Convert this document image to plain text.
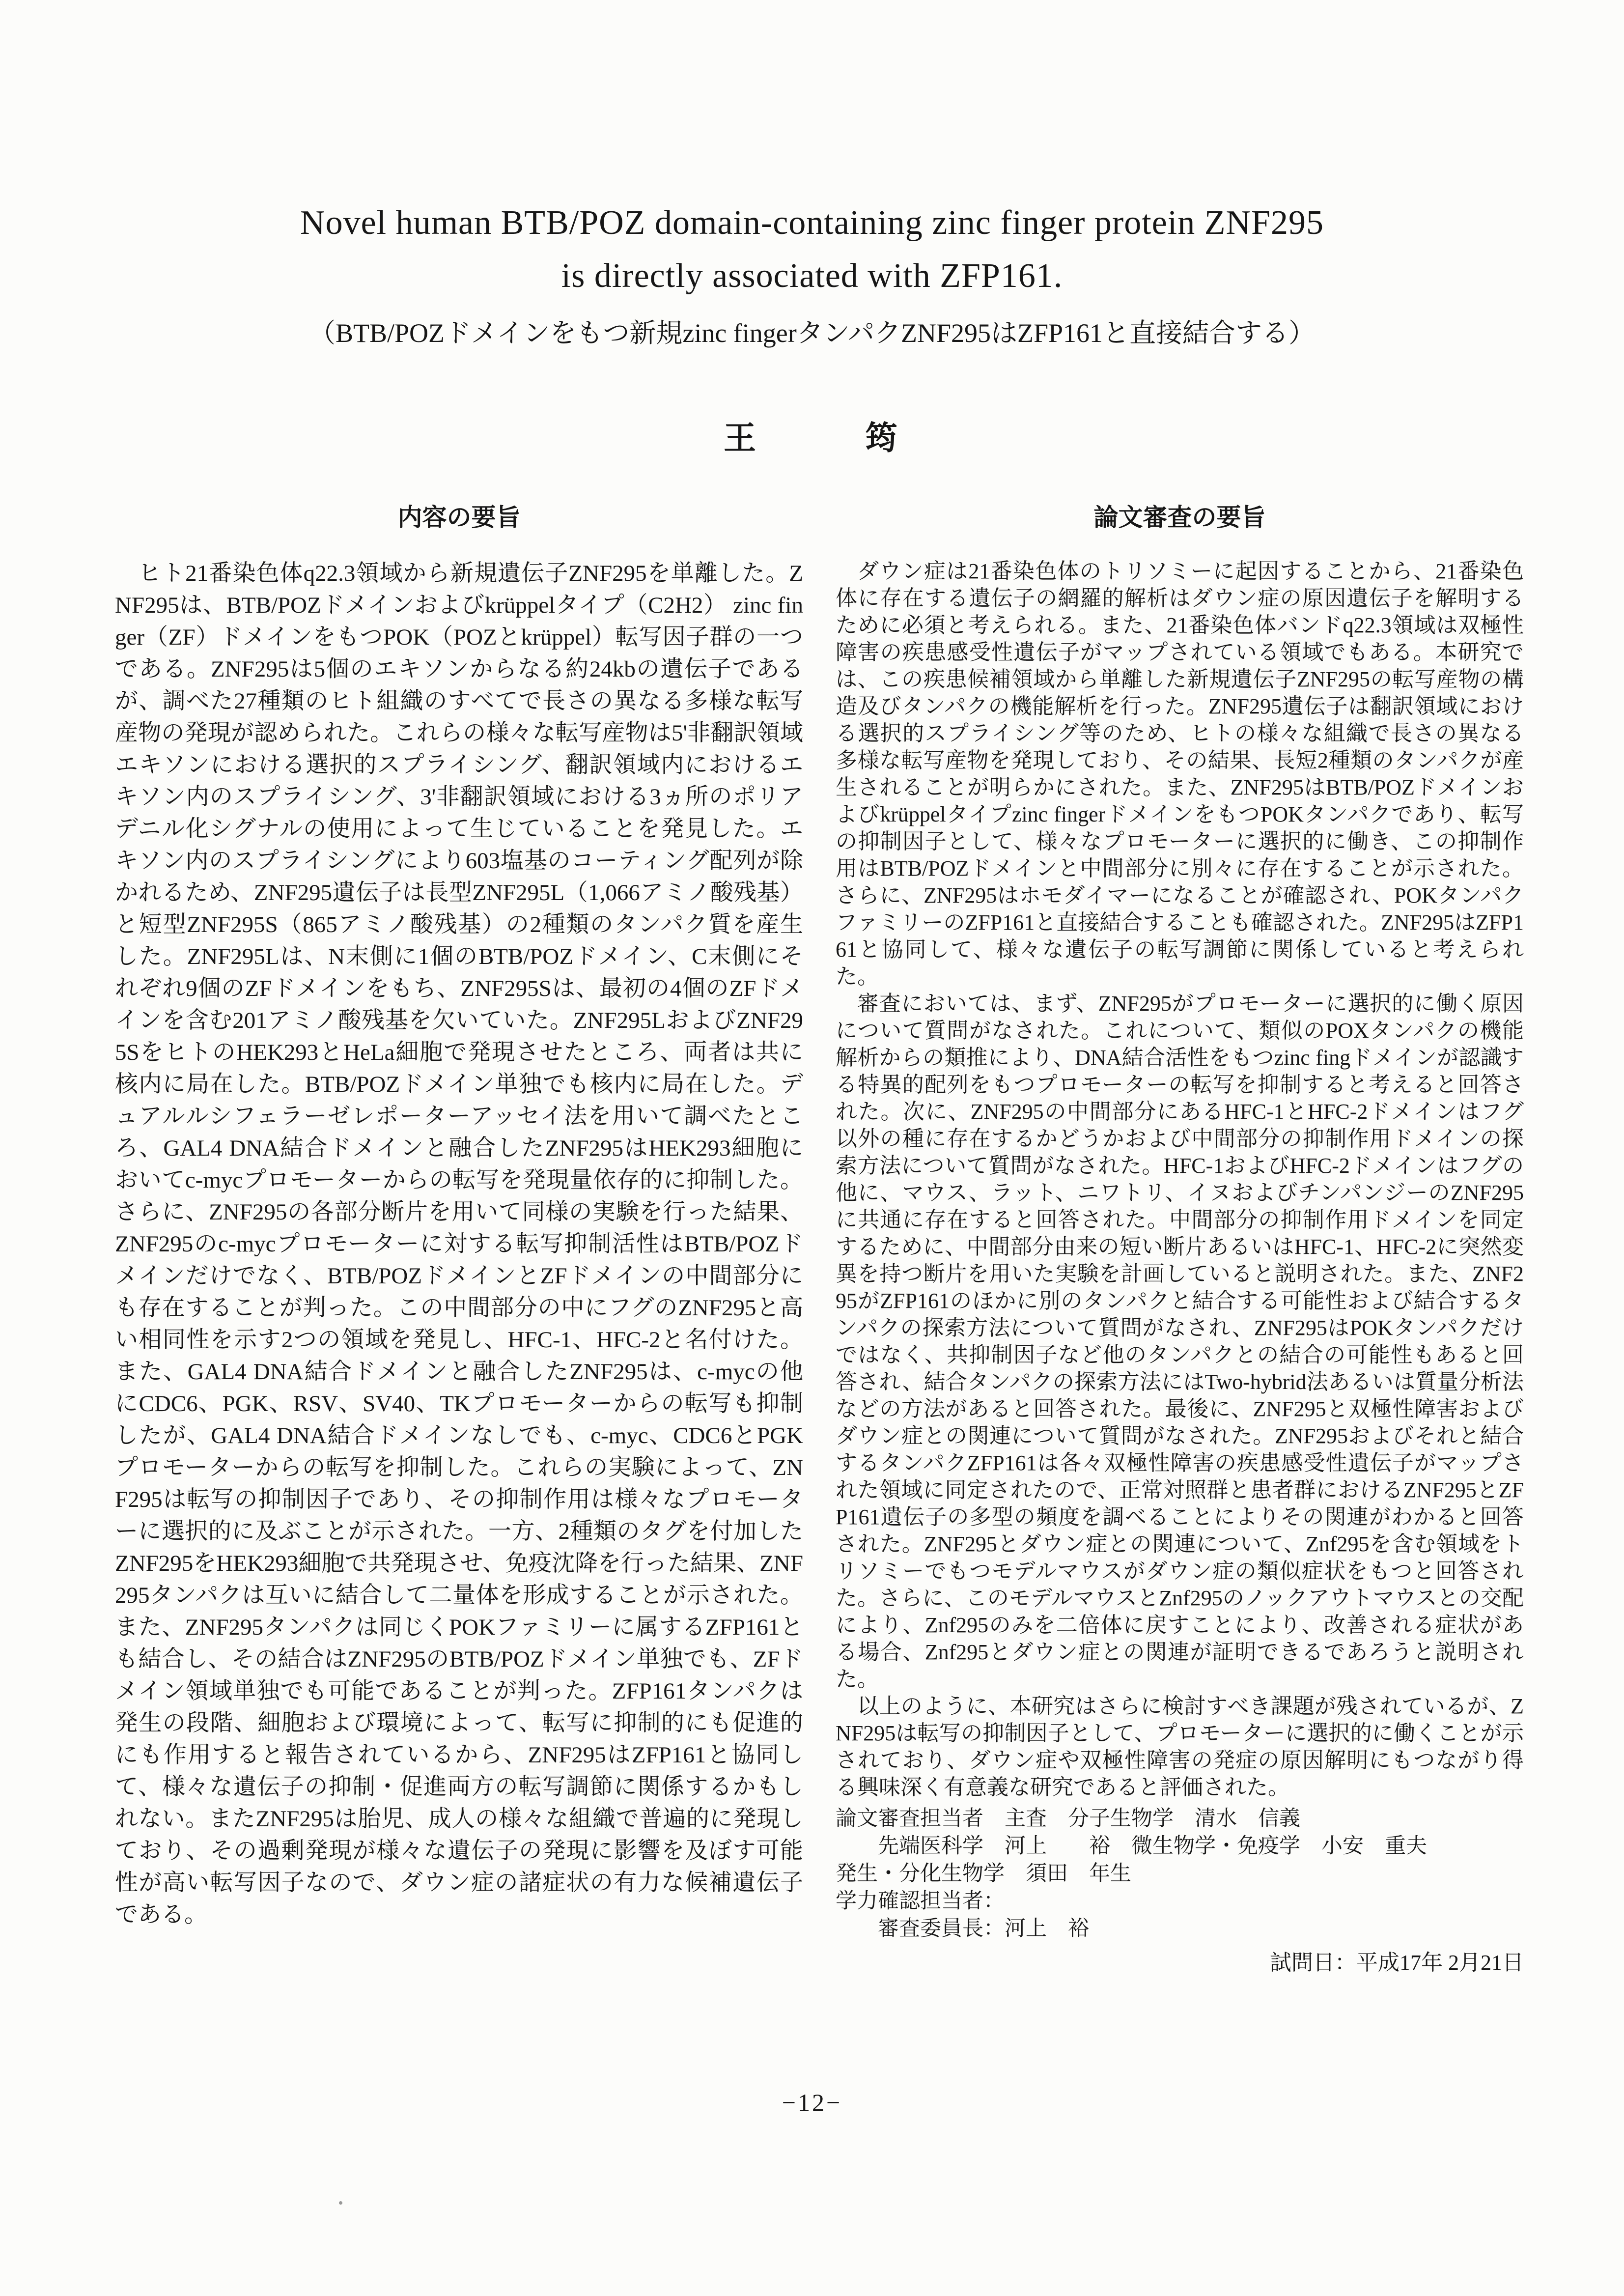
Novel human BTB/POZ domain-containing zinc finger protein ZNF295
is directly associated with ZFP161.
（BTB/POZドメインをもつ新規zinc fingerタンパクZNF295はZFP161と直接結合する）
王　　　筠
内容の要旨

ヒト21番染色体q22.3領域から新規遺伝子ZNF295を単離した。ZNF295は、BTB/POZドメインおよびkrüppelタイプ（C2H2） zinc finger（ZF）ドメインをもつPOK（POZとkrüppel）転写因子群の一つである。ZNF295は5個のエキソンからなる約24kbの遺伝子であるが、調べた27種類のヒト組織のすべてで長さの異なる多様な転写産物の発現が認められた。これらの様々な転写産物は5'非翻訳領域エキソンにおける選択的スプライシング、翻訳領域内におけるエキソン内のスプライシング、3'非翻訳領域における3ヵ所のポリアデニル化シグナルの使用によって生じていることを発見した。エキソン内のスプライシングにより603塩基のコーティング配列が除かれるため、ZNF295遺伝子は長型ZNF295L（1,066アミノ酸残基）と短型ZNF295S（865アミノ酸残基）の2種類のタンパク質を産生した。ZNF295Lは、N末側に1個のBTB/POZドメイン、C末側にそれぞれ9個のZFドメインをもち、ZNF295Sは、最初の4個のZFドメインを含む201アミノ酸残基を欠いていた。ZNF295LおよびZNF295SをヒトのHEK293とHeLa細胞で発現させたところ、両者は共に核内に局在した。BTB/POZドメイン単独でも核内に局在した。デュアルルシフェラーゼレポーターアッセイ法を用いて調べたところ、GAL4 DNA結合ドメインと融合したZNF295はHEK293細胞においてc-mycプロモーターからの転写を発現量依存的に抑制した。さらに、ZNF295の各部分断片を用いて同様の実験を行った結果、ZNF295のc-mycプロモーターに対する転写抑制活性はBTB/POZドメインだけでなく、BTB/POZドメインとZFドメインの中間部分にも存在することが判った。この中間部分の中にフグのZNF295と高い相同性を示す2つの領域を発見し、HFC-1、HFC-2と名付けた。また、GAL4 DNA結合ドメインと融合したZNF295は、c-mycの他にCDC6、PGK、RSV、SV40、TKプロモーターからの転写も抑制したが、GAL4 DNA結合ドメインなしでも、c-myc、CDC6とPGKプロモーターからの転写を抑制した。これらの実験によって、ZNF295は転写の抑制因子であり、その抑制作用は様々なプロモーターに選択的に及ぶことが示された。一方、2種類のタグを付加したZNF295をHEK293細胞で共発現させ、免疫沈降を行った結果、ZNF295タンパクは互いに結合して二量体を形成することが示された。また、ZNF295タンパクは同じくPOKファミリーに属するZFP161とも結合し、その結合はZNF295のBTB/POZドメイン単独でも、ZFドメイン領域単独でも可能であることが判った。ZFP161タンパクは発生の段階、細胞および環境によって、転写に抑制的にも促進的にも作用すると報告されているから、ZNF295はZFP161と協同して、様々な遺伝子の抑制・促進両方の転写調節に関係するかもしれない。またZNF295は胎児、成人の様々な組織で普遍的に発現しており、その過剰発現が様々な遺伝子の発現に影響を及ぼす可能性が高い転写因子なので、ダウン症の諸症状の有力な候補遺伝子である。

論文審査の要旨

ダウン症は21番染色体のトリソミーに起因することから、21番染色体に存在する遺伝子の網羅的解析はダウン症の原因遺伝子を解明するために必須と考えられる。また、21番染色体バンドq22.3領域は双極性障害の疾患感受性遺伝子がマップされている領域でもある。本研究では、この疾患候補領域から単離した新規遺伝子ZNF295の転写産物の構造及びタンパクの機能解析を行った。ZNF295遺伝子は翻訳領域における選択的スプライシング等のため、ヒトの様々な組織で長さの異なる多様な転写産物を発現しており、その結果、長短2種類のタンパクが産生されることが明らかにされた。また、ZNF295はBTB/POZドメインおよびkrüppelタイプzinc fingerドメインをもつPOKタンパクであり、転写の抑制因子として、様々なプロモーターに選択的に働き、この抑制作用はBTB/POZドメインと中間部分に別々に存在することが示された。さらに、ZNF295はホモダイマーになることが確認され、POKタンパクファミリーのZFP161と直接結合することも確認された。ZNF295はZFP161と協同して、様々な遺伝子の転写調節に関係していると考えられた。

審査においては、まず、ZNF295がプロモーターに選択的に働く原因について質問がなされた。これについて、類似のPOXタンパクの機能解析からの類推により、DNA結合活性をもつzinc fingドメインが認識する特異的配列をもつプロモーターの転写を抑制すると考えると回答された。次に、ZNF295の中間部分にあるHFC-1とHFC-2ドメインはフグ以外の種に存在するかどうかおよび中間部分の抑制作用ドメインの探索方法について質問がなされた。HFC-1およびHFC-2ドメインはフグの他に、マウス、ラット、ニワトリ、イヌおよびチンパンジーのZNF295に共通に存在すると回答された。中間部分の抑制作用ドメインを同定するために、中間部分由来の短い断片あるいはHFC-1、HFC-2に突然変異を持つ断片を用いた実験を計画していると説明された。また、ZNF295がZFP161のほかに別のタンパクと結合する可能性および結合するタンパクの探索方法について質問がなされ、ZNF295はPOKタンパクだけではなく、共抑制因子など他のタンパクとの結合の可能性もあると回答され、結合タンパクの探索方法にはTwo-hybrid法あるいは質量分析法などの方法があると回答された。最後に、ZNF295と双極性障害およびダウン症との関連について質問がなされた。ZNF295およびそれと結合するタンパクZFP161は各々双極性障害の疾患感受性遺伝子がマップされた領域に同定されたので、正常対照群と患者群におけるZNF295とZFP161遺伝子の多型の頻度を調べることによりその関連がわかると回答された。ZNF295とダウン症との関連について、Znf295を含む領域をトリソミーでもつモデルマウスがダウン症の類似症状をもつと回答された。さらに、このモデルマウスとZnf295のノックアウトマウスとの交配により、Znf295のみを二倍体に戻すことにより、改善される症状がある場合、Znf295とダウン症との関連が証明できるであろうと説明された。

以上のように、本研究はさらに検討すべき課題が残されているが、ZNF295は転写の抑制因子として、プロモーターに選択的に働くことが示されており、ダウン症や双極性障害の発症の原因解明にもつながり得る興味深く有意義な研究であると評価された。

論文審査担当者　主査　分子生物学　清水　信義
　　先端医科学　河上　　裕　微生物学・免疫学　小安　重夫
発生・分化生物学　須田　年生
学力確認担当者：
　　審査委員長：河上　裕
試問日：平成17年 2月21日
−12−
